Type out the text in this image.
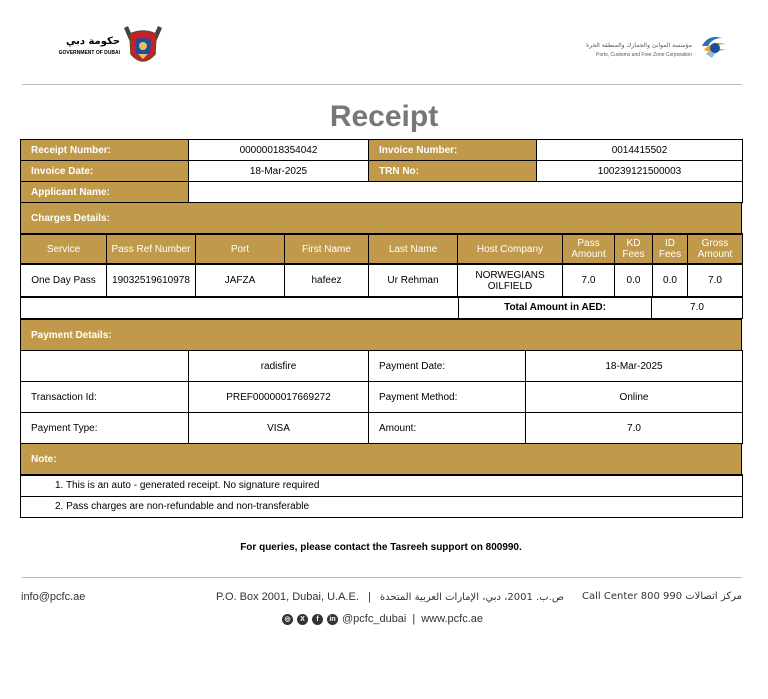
حكومة دبي
GOVERNMENT OF DUBAI
مؤسسة الموانئ والجمارك والمنطقة الحرة
Ports, Customs and Free Zone Corporation
Receipt
Receipt Number:	00000018354042	Invoice Number:	0014415502
Invoice Date:	18-Mar-2025	TRN No:	100239121500003
Applicant Name:			
Charges Details:
Service	Pass Ref Number	Port	First Name	Last Name	Host Company	Pass Amount	KD Fees	ID Fees	Gross Amount
One Day Pass	19032519610978	JAFZA	hafeez	Ur Rehman	NORWEGIANS OILFIELD	7.0	0.0	0.0	7.0
	Total Amount in AED:	7.0
Payment Details:
	radisfire	Payment Date:	18-Mar-2025
Transaction Id:	PREF00000017669272	Payment Method:	Online
Payment Type:	VISA	Amount:	7.0
Note:
1. This is an auto - generated receipt. No signature required
2. Pass charges are non-refundable and non-transferable
For queries, please contact the Tasreeh support on 800990.
info@pcfc.ae	P.O. Box 2001, Dubai, U.A.E. | ص.ب. 2001، دبي، الإمارات العربية المتحدة Call Center 800 990 مركز اتصالات
◎	X	f	in @pcfc_dubai | www.pcfc.ae
